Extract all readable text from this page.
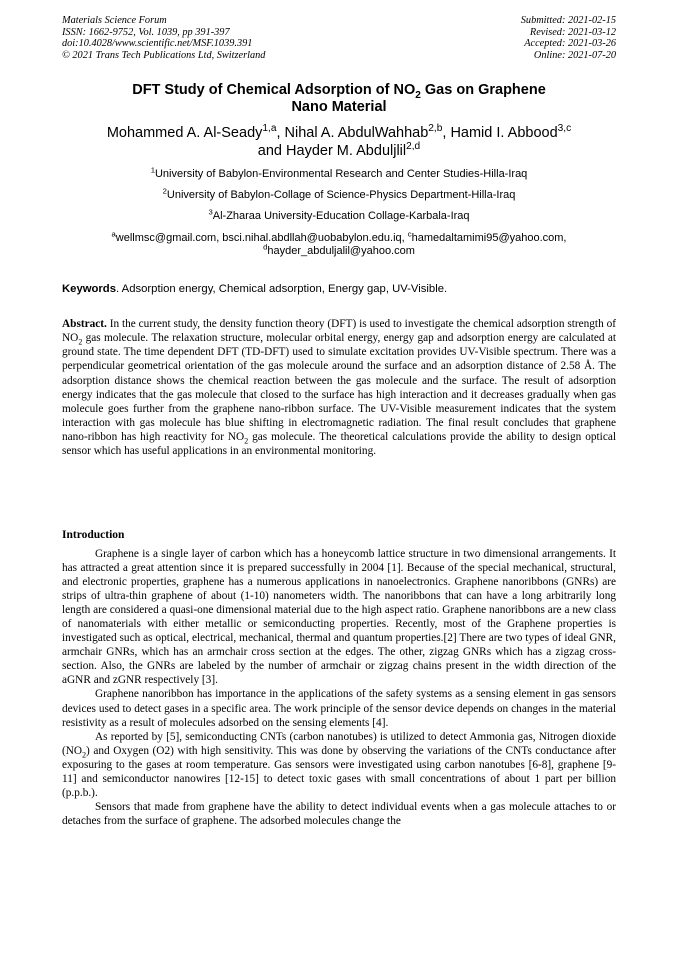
Materials Science Forum
ISSN: 1662-9752, Vol. 1039, pp 391-397
doi:10.4028/www.scientific.net/MSF.1039.391
© 2021 Trans Tech Publications Ltd, Switzerland
Submitted: 2021-02-15
Revised: 2021-03-12
Accepted: 2021-03-26
Online: 2021-07-20
DFT Study of Chemical Adsorption of $NO_2$ Gas on Graphene
Nano Material
Mohammed A. Al-Seady$^{1,a}$, Nihal A. AbdulWahhab$^{2,b}$, Hamid I. Abbood$^{3,c}$
and Hayder M. Abduljlil$^{2,d}$
$^1$University of Babylon-Environmental Research and Center Studies-Hilla-Iraq
$^2$University of Babylon-Collage of Science-Physics Department-Hilla-Iraq
$^3$Al-Zharaa University-Education Collage-Karbala-Iraq
$^a$wellmsc@gmail.com, bsci.nihal.abdllah@uobabylon.edu.iq, $^c$hamedaltamimi95@yahoo.com,
$^d$hayder_abduljalil@yahoo.com
Keywords. Adsorption energy, Chemical adsorption, Energy gap, UV-Visible.
Abstract. In the current study, the density function theory (DFT) is used to investigate the chemical adsorption strength of $NO_2$ gas molecule. The relaxation structure, molecular orbital energy, energy gap and adsorption energy are calculated at ground state. The time dependent DFT (TD-DFT) used to simulate excitation provides UV-Visible spectrum. There was a perpendicular geometrical orientation of the gas molecule around the surface and an adsorption distance of 2.58 Å. The adsorption distance shows the chemical reaction between the gas molecule and the surface. The result of adsorption energy indicates that the gas molecule that closed to the surface has high interaction and it decreases gradually when gas molecule goes further from the graphene nano-ribbon surface. The UV-Visible measurement indicates that the system interaction with gas molecule has blue shifting in electromagnetic radiation. The final result concludes that graphene nano-ribbon has high reactivity for $NO_2$ gas molecule. The theoretical calculations provide the ability to design optical sensor which has useful applications in an environmental monitoring.
Introduction

Graphene is a single layer of carbon which has a honeycomb lattice structure in two dimensional arrangements. It has attracted a great attention since it is prepared successfully in 2004 [1]. Because of the special mechanical, structural, and electronic properties, graphene has a numerous applications in nanoelectronics. Graphene nanoribbons (GNRs) are strips of ultra-thin graphene of about (1-10) nanometers width. The nanoribbons that can have a long arbitrarily long length are considered a quasi-one dimensional material due to the high aspect ratio. Graphene nanoribbons are a new class of nanomaterials with either metallic or semiconducting properties. Recently, most of the Graphene properties is investigated such as optical, electrical, mechanical, thermal and quantum properties.[2] There are two types of ideal GNR, armchair GNRs, which has an armchair cross section at the edges. The other, zigzag GNRs which has a zigzag cross-section. Also, the GNRs are labeled by the number of armchair or zigzag chains present in the width direction of the aGNR and zGNR respectively [3].

Graphene nanoribbon has importance in the applications of the safety systems as a sensing element in gas sensors devices used to detect gases in a specific area. The work principle of the sensor device depends on changes in the material resistivity as a result of molecules adsorbed on the sensing elements [4].

As reported by [5], semiconducting CNTs (carbon nanotubes) is utilized to detect Ammonia gas, Nitrogen dioxide $(NO_2)$ and Oxygen (O2) with high sensitivity. This was done by observing the variations of the CNTs conductance after exposuring to the gases at room temperature. Gas sensors were investigated using carbon nanotubes [6-8], graphene [9-11] and semiconductor nanowires [12-15] to detect toxic gases with small concentrations of about 1 part per billion (p.p.b.).

Sensors that made from graphene have the ability to detect individual events when a gas molecule attaches to or detaches from the surface of graphene. The adsorbed molecules change the
